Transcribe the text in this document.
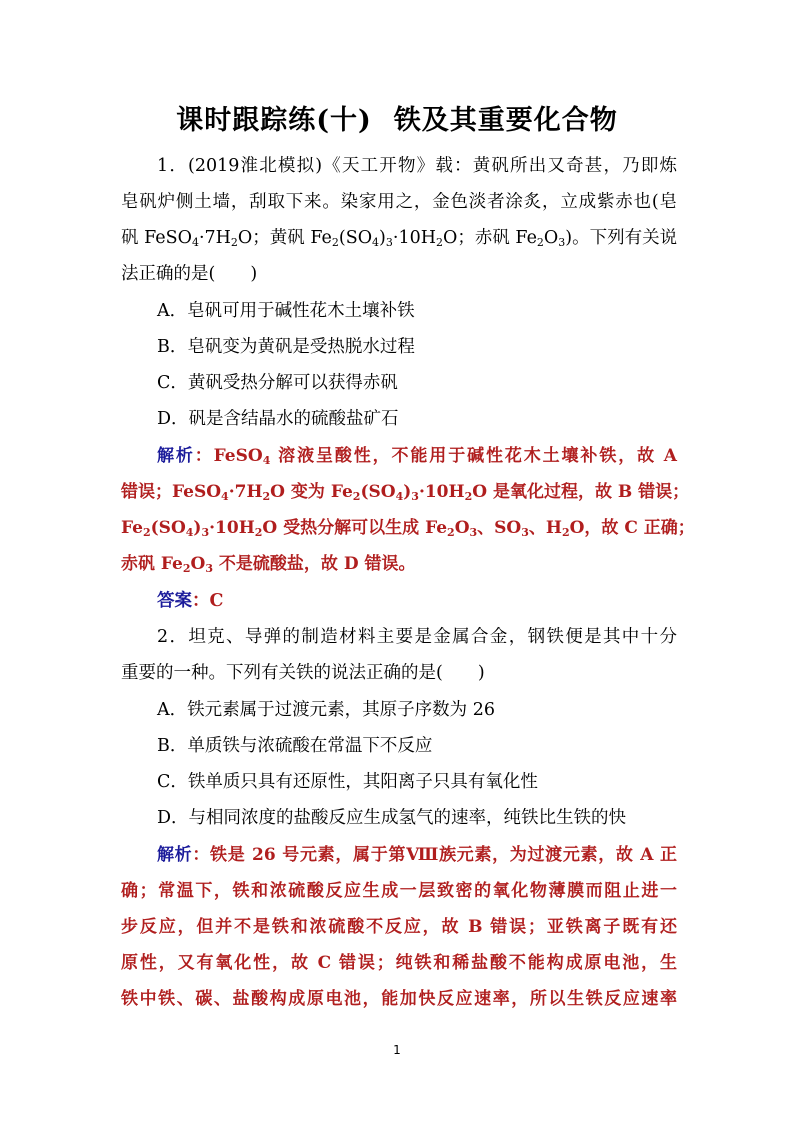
课时跟踪练(十) 铁及其重要化合物
1．(2019淮北模拟)《天工开物》载：黄矾所出又奇甚，乃即炼
皂矾炉侧土墙，刮取下来。染家用之，金色淡者涂炙，立成紫赤也(皂
矾 $FeSO_4\cdot 7H_2O$；黄矾 $Fe_2(SO_4)_3\cdot 10H_2O$；赤矾 $Fe_2O_3$)。下列有关说
法正确的是(　　)
A．皂矾可用于碱性花木土壤补铁
B．皂矾变为黄矾是受热脱水过程
C．黄矾受热分解可以获得赤矾
D．矾是含结晶水的硫酸盐矿石
解析：FeSO$_4$ 溶液呈酸性，不能用于碱性花木土壤补铁，故 A
错误；$FeSO_4\cdot 7H_2O$ 变为 $Fe_2(SO_4)_3\cdot 10H_2O$ 是氧化过程，故 B 错误；
$Fe_2(SO_4)_3\cdot 10H_2O$ 受热分解可以生成 $Fe_2O_3$、$SO_3$、$H_2O$，故 C 正确；
赤矾 $Fe_2O_3$ 不是硫酸盐，故 D 错误。
答案：C
2．坦克、导弹的制造材料主要是金属合金，钢铁便是其中十分
重要的一种。下列有关铁的说法正确的是(　　)
A．铁元素属于过渡元素，其原子序数为 26
B．单质铁与浓硫酸在常温下不反应
C．铁单质只具有还原性，其阳离子只具有氧化性
D．与相同浓度的盐酸反应生成氢气的速率，纯铁比生铁的快
解析：铁是 26 号元素，属于第Ⅷ族元素，为过渡元素，故 A 正
确；常温下，铁和浓硫酸反应生成一层致密的氧化物薄膜而阻止进一
步反应，但并不是铁和浓硫酸不反应，故 B 错误；亚铁离子既有还
原性，又有氧化性，故 C 错误；纯铁和稀盐酸不能构成原电池，生
铁中铁、碳、盐酸构成原电池，能加快反应速率，所以生铁反应速率
1
